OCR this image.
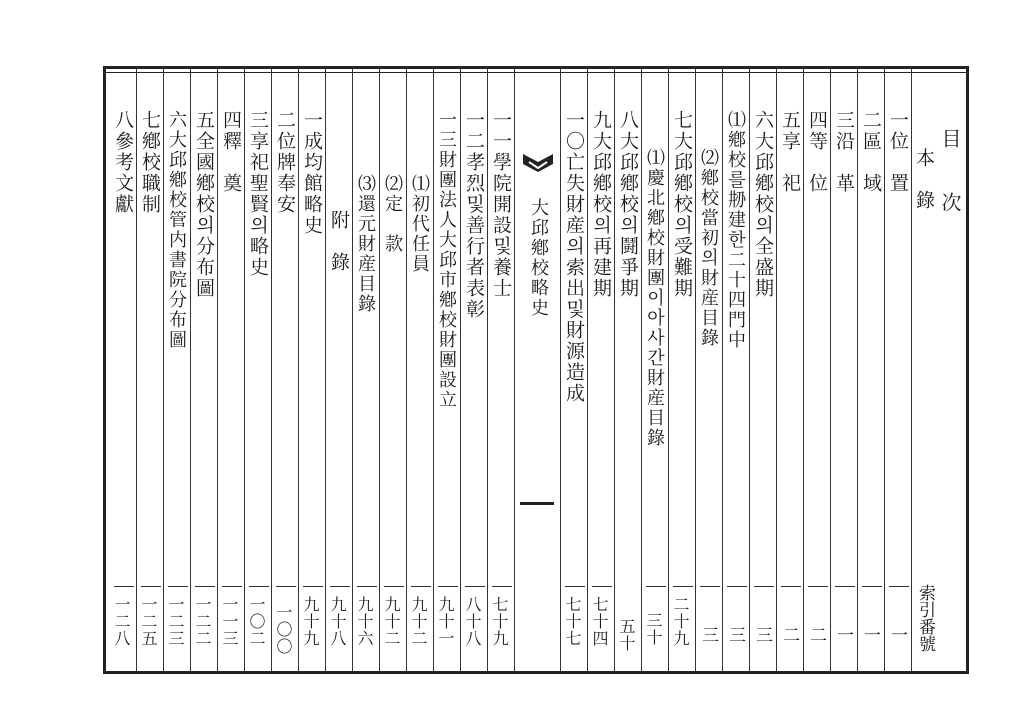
目 次
索引番號
本　錄
一位　置
一
二區　域
一
三沿　革
一
四等　位
二
五享　祀
二
六大邱鄕校의全盛期
三
⑴鄕校를刱建한二十四門中
三
⑵鄕校當初의財産目錄
三
七大邱鄕校의受難期
二十九
⑴慶北鄕校財團이아사간財産目錄
三十
八大邱鄕校의鬪爭期
五十
九大邱鄕校의再建期
七十四
一〇亡失財産의索出및財源造成
七十七
大邱鄕校略史
一一學院開設및養士
七十九
一二孝烈및善行者表彰
八十八
一三財團法人大邱市鄕校財團設立
九十一
⑴初代任員
九十二
⑵定　款
九十二
⑶還元財産目錄
九十六
附　錄
九十八
一成均館略史
九十九
二位牌奉安
一〇〇
三享祀聖賢의略史
一〇二
四釋　奠
一一三
五全國鄕校의分布圖
一二二
六大邱鄕校管内書院分布圖
一二三
七鄕校職制
一二五
八參考文獻
一二八
